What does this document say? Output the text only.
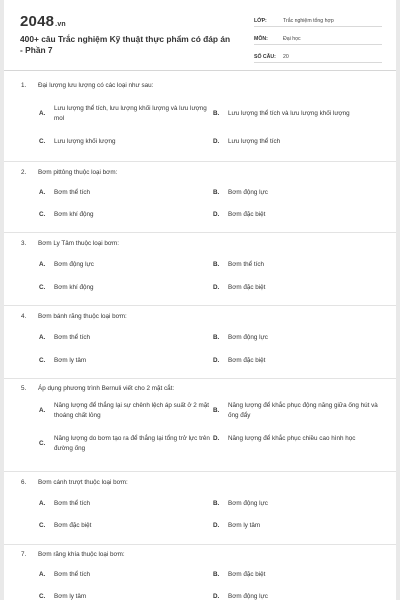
2048.vn
400+ câu Trắc nghiệm Kỹ thuật thực phẩm có đáp án - Phần 7
LỚP:	Trắc nghiệm tổng hợp
MÔN:	Đại học
SỐ CÂU:	20
1. Đại lượng lưu lượng có các loại như sau:
A.
Lưu lượng thể tích, lưu lượng khối lượng và lưu lượng mol
B.	Lưu lượng thể tích và lưu lượng khối lượng
C.	Lưu lượng khối lượng	D.	Lưu lượng thể tích
2. Bơm pittông thuộc loại bơm:
A.	Bơm thể tích	B.	Bơm động lực
C.	Bơm khí động	D.	Bơm đặc biệt
3. Bơm Ly Tâm thuộc loại bơm:
A.	Bơm động lực	B.	Bơm thể tích
C.	Bơm khí động	D.	Bơm đặc biệt
4. Bơm bánh răng thuộc loại bơm:
A.	Bơm thể tích	B.	Bơm động lực
C.	Bơm ly tâm	D.	Bơm đặc biệt
5. Áp dụng phương trình Bernuli viết cho 2 mặt cắt:
A.
Năng lượng để thắng lại sự chênh lệch áp suất ở 2 mặt thoáng chất lỏng
B.
Năng lượng để khắc phục động năng giữa ống hút và ống đẩy
C.
Năng lượng do bơm tạo ra để thắng lại tổng trở lực trên đường ống
D.	Năng lượng để khắc phục chiều cao hình học
6. Bơm cánh trượt thuộc loại bơm:
A.	Bơm thể tích	B.	Bơm động lực
C.	Bơm đặc biệt	D.	Bơm ly tâm
7. Bơm răng khía thuộc loại bơm:
A.	Bơm thể tích	B.	Bơm đặc biệt
C.	Bơm ly tâm	D.	Bơm động lực
